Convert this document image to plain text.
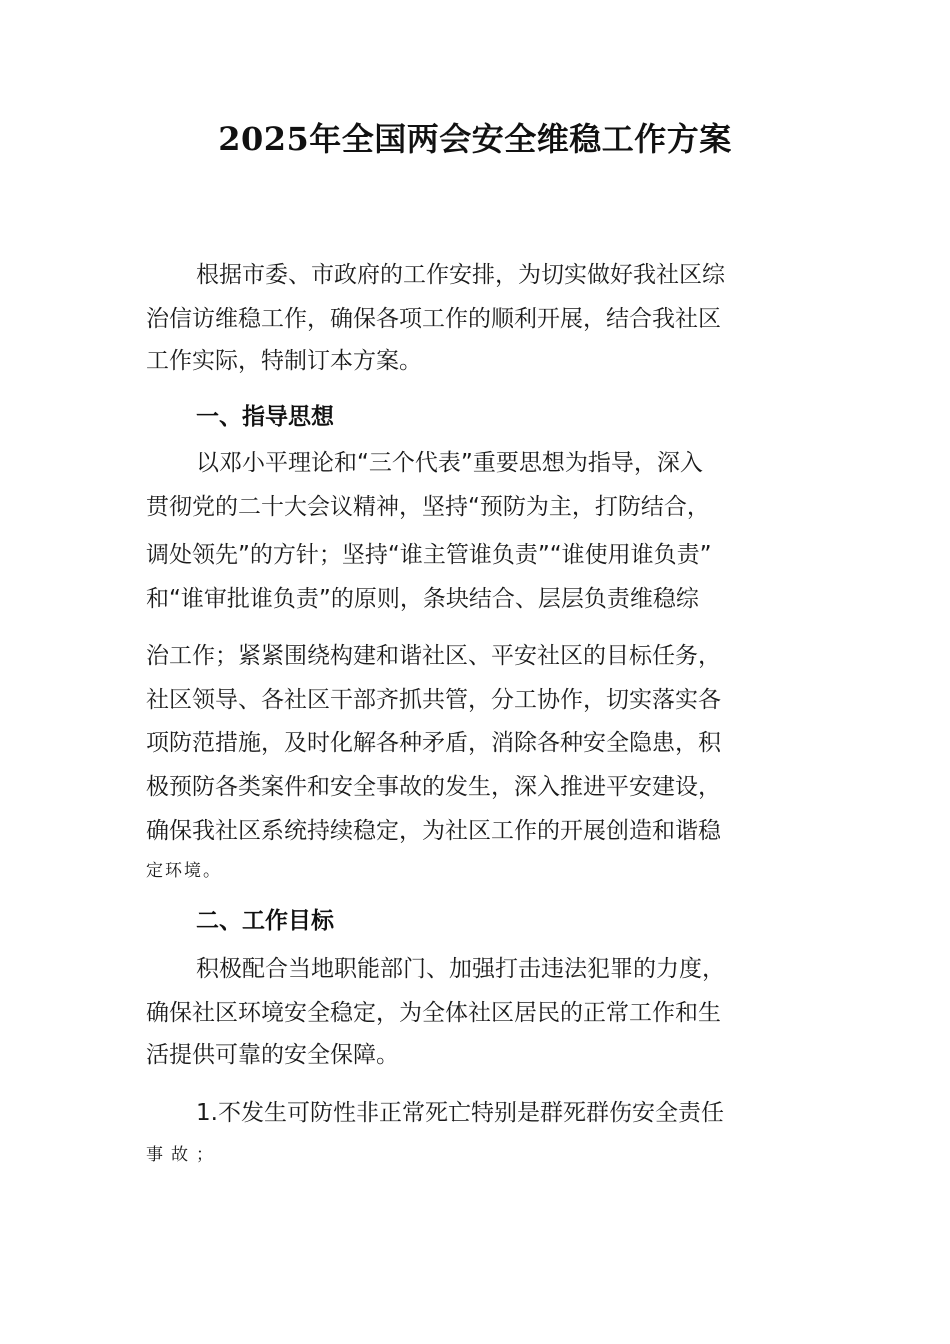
2025年全国两会安全维稳工作方案
根据市委、市政府的工作安排，为切实做好我社区综
治信访维稳工作，确保各项工作的顺利开展，结合我社区
工作实际，特制订本方案。
一、指导思想
以邓小平理论和“三个代表”重要思想为指导，深入
贯彻党的二十大会议精神，坚持“预防为主，打防结合，
调处领先”的方针；坚持“谁主管谁负责”“谁使用谁负责”
和“谁审批谁负责”的原则，条块结合、层层负责维稳综
治工作；紧紧围绕构建和谐社区、平安社区的目标任务，
社区领导、各社区干部齐抓共管，分工协作，切实落实各
项防范措施，及时化解各种矛盾，消除各种安全隐患，积
极预防各类案件和安全事故的发生，深入推进平安建设，
确保我社区系统持续稳定，为社区工作的开展创造和谐稳
定环境。
二、工作目标
积极配合当地职能部门、加强打击违法犯罪的力度，
确保社区环境安全稳定，为全体社区居民的正常工作和生
活提供可靠的安全保障。
1.不发生可防性非正常死亡特别是群死群伤安全责任
事故；
